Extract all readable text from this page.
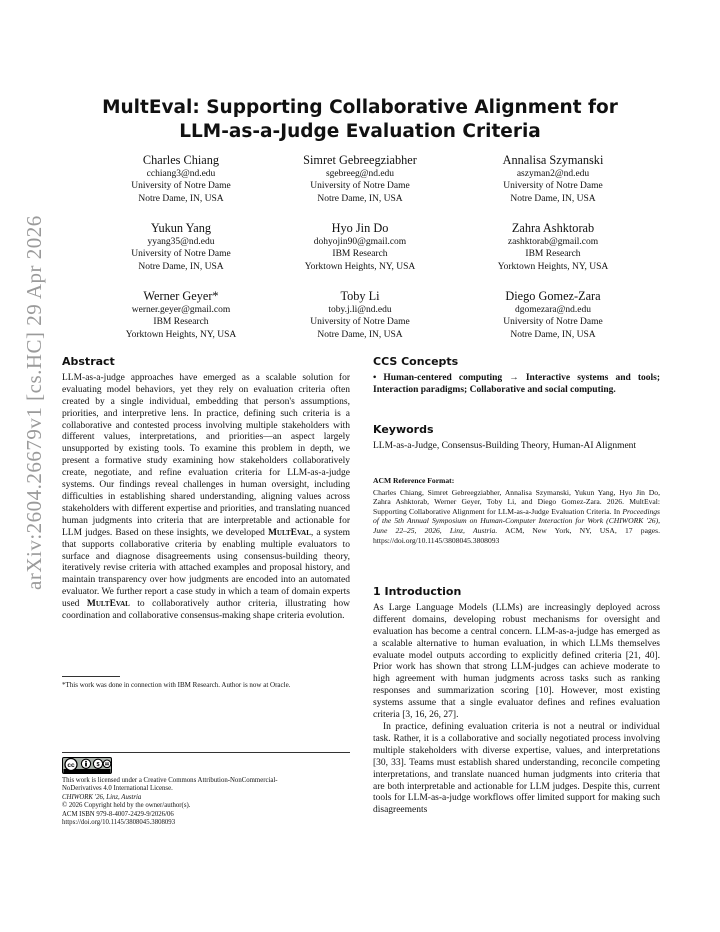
arXiv:2604.26679v1 [cs.HC] 29 Apr 2026
MultEval: Supporting Collaborative Alignment for
LLM-as-a-Judge Evaluation Criteria
Charles Chiang
cchiang3@nd.edu
University of Notre Dame
Notre Dame, IN, USA
Simret Gebreegziabher
sgebreeg@nd.edu
University of Notre Dame
Notre Dame, IN, USA
Annalisa Szymanski
aszyman2@nd.edu
University of Notre Dame
Notre Dame, IN, USA
Yukun Yang
yyang35@nd.edu
University of Notre Dame
Notre Dame, IN, USA
Hyo Jin Do
dohyojin90@gmail.com
IBM Research
Yorktown Heights, NY, USA
Zahra Ashktorab
zashktorab@gmail.com
IBM Research
Yorktown Heights, NY, USA
Werner Geyer*
werner.geyer@gmail.com
IBM Research
Yorktown Heights, NY, USA
Toby Li
toby.j.li@nd.edu
University of Notre Dame
Notre Dame, IN, USA
Diego Gomez-Zara
dgomezara@nd.edu
University of Notre Dame
Notre Dame, IN, USA
Abstract

LLM-as-a-judge approaches have emerged as a scalable solution for evaluating model behaviors, yet they rely on evaluation criteria often created by a single individual, embedding that person's assumptions, priorities, and interpretive lens. In practice, defining such criteria is a collaborative and contested process involving multiple stakeholders with different values, interpretations, and priorities—an aspect largely unsupported by existing tools. To examine this problem in depth, we present a formative study examining how stakeholders collaboratively create, negotiate, and refine evaluation criteria for LLM-as-a-judge systems. Our findings reveal challenges in human oversight, including difficulties in establishing shared understanding, aligning values across stakeholders with different expertise and priorities, and translating nuanced human judgments into criteria that are interpretable and actionable for LLM judges. Based on these insights, we developed MultEval, a system that supports collaborative criteria by enabling multiple evaluators to surface and diagnose disagreements using consensus-building theory, iteratively revise criteria with attached examples and proposal history, and maintain transparency over how judgments are encoded into an automated evaluator. We further report a case study in which a team of domain experts used MultEval to collaboratively author criteria, illustrating how coordination and collaborative consensus-making shape criteria evolution.

*This work was done in connection with IBM Research. Author is now at Oracle.
cc	$
This work is licensed under a Creative Commons Attribution-NonCommercial-
NoDerivatives 4.0 International License.
CHIWORK '26, Linz, Austria
© 2026 Copyright held by the owner/author(s).
ACM ISBN 979-8-4007-2429-9/2026/06
https://doi.org/10.1145/3808045.3808093
CCS Concepts

• Human-centered computing → Interactive systems and tools; Interaction paradigms; Collaborative and social computing.

Keywords

LLM-as-a-Judge, Consensus-Building Theory, Human-AI Alignment

ACM Reference Format:
Charles Chiang, Simret Gebreegziabher, Annalisa Szymanski, Yukun Yang, Hyo Jin Do, Zahra Ashktorab, Werner Geyer, Toby Li, and Diego Gomez-Zara. 2026. MultEval: Supporting Collaborative Alignment for LLM-as-a-Judge Evaluation Criteria. In Proceedings of the 5th Annual Symposium on Human-Computer Interaction for Work (CHIWORK '26), June 22–25, 2026, Linz, Austria. ACM, New York, NY, USA, 17 pages. https://doi.org/10.1145/3808045.3808093
1 Introduction

As Large Language Models (LLMs) are increasingly deployed across different domains, developing robust mechanisms for oversight and evaluation has become a central concern. LLM-as-a-judge has emerged as a scalable alternative to human evaluation, in which LLMs themselves evaluate model outputs according to explicitly defined criteria [21, 40]. Prior work has shown that strong LLM-judges can achieve moderate to high agreement with human judgments across tasks such as ranking responses and summarization scoring [10]. However, most existing systems assume that a single evaluator defines and refines evaluation criteria [3, 16, 26, 27].

In practice, defining evaluation criteria is not a neutral or individual task. Rather, it is a collaborative and socially negotiated process involving multiple stakeholders with diverse expertise, values, and interpretations [30, 33]. Teams must establish shared understanding, reconcile competing interpretations, and translate nuanced human judgments into criteria that are both interpretable and actionable for LLM judges. Despite this, current tools for LLM-as-a-judge workflows offer limited support for making such disagreements
